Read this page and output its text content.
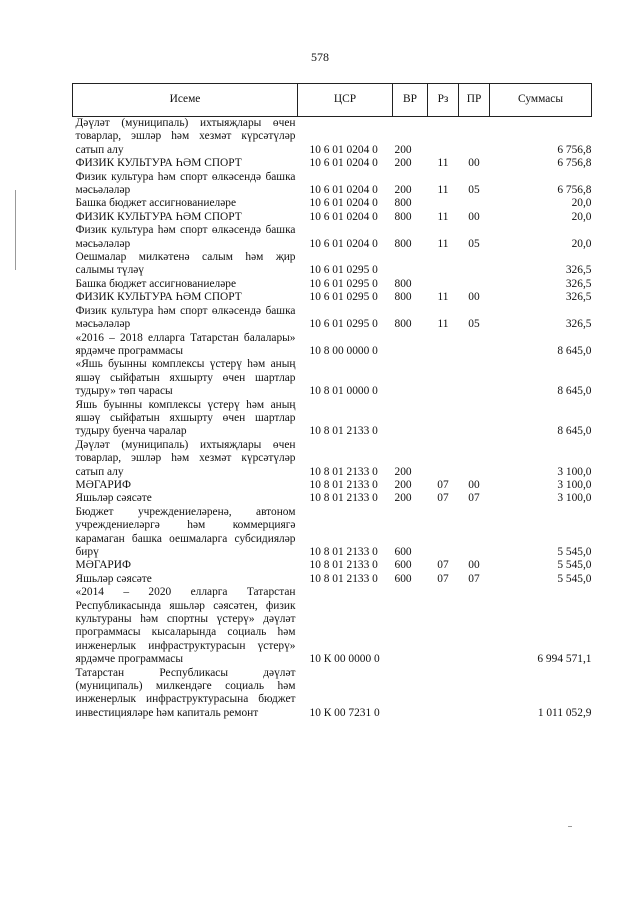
578
Исеме	ЦСР	ВР	Рз	ПР	Суммасы
Дәүләт (муниципаль) ихтыяҗлары өчен товарлар, эшләр һәм хезмәт күрсәтүләр сатып алу	10 6 01 0204 0	200			6 756,8
ФИЗИК КУЛЬТУРА ҺӘМ СПОРТ	10 6 01 0204 0	200	11	00	6 756,8
Физик культура һәм спорт өлкәсендә башка мәсьәләләр	10 6 01 0204 0	200	11	05	6 756,8
Башка бюджет ассигнованиеләре	10 6 01 0204 0	800			20,0
ФИЗИК КУЛЬТУРА ҺӘМ СПОРТ	10 6 01 0204 0	800	11	00	20,0
Физик культура һәм спорт өлкәсендә башка мәсьәләләр	10 6 01 0204 0	800	11	05	20,0
Оешмалар милкәтенә салым һәм җир салымы түләү	10 6 01 0295 0				326,5
Башка бюджет ассигнованиеләре	10 6 01 0295 0	800			326,5
ФИЗИК КУЛЬТУРА ҺӘМ СПОРТ	10 6 01 0295 0	800	11	00	326,5
Физик культура һәм спорт өлкәсендә башка мәсьәләләр	10 6 01 0295 0	800	11	05	326,5
«2016 – 2018 елларга Татарстан балалары» ярдәмче программасы	10 8 00 0000 0				8 645,0
«Яшь буынны комплексы үстерү һәм аның яшәү сыйфатын яхшырту өчен шартлар тудыру» төп чарасы	10 8 01 0000 0				8 645,0
Яшь буынны комплексы үстерү һәм аның яшәү сыйфатын яхшырту өчен шартлар тудыру буенча чаралар	10 8 01 2133 0				8 645,0
Дәүләт (муниципаль) ихтыяҗлары өчен товарлар, эшләр һәм хезмәт күрсәтүләр сатып алу	10 8 01 2133 0	200			3 100,0
МӘГАРИФ	10 8 01 2133 0	200	07	00	3 100,0
Яшьләр сәясәте	10 8 01 2133 0	200	07	07	3 100,0
Бюджет учреждениеләренә, автоном учреждениеләргә һәм коммерциягә карамаган башка оешмаларга субсидияләр бирү	10 8 01 2133 0	600			5 545,0
МӘГАРИФ	10 8 01 2133 0	600	07	00	5 545,0
Яшьләр сәясәте	10 8 01 2133 0	600	07	07	5 545,0
«2014 – 2020 елларга Татарстан Республикасында яшьләр сәясәтен, физик культураны һәм спортны үстерү» дәүләт программасы кысаларында социаль һәм инженерлык инфраструктурасын үстерү» ярдәмче программасы	10 К 00 0000 0				6 994 571,1
Татарстан Республикасы дәүләт (муниципаль) милкендәге социаль һәм инженерлык инфраструктурасына бюджет инвестицияләре һәм капиталь ремонт	10 К 00 7231 0				1 011 052,9
